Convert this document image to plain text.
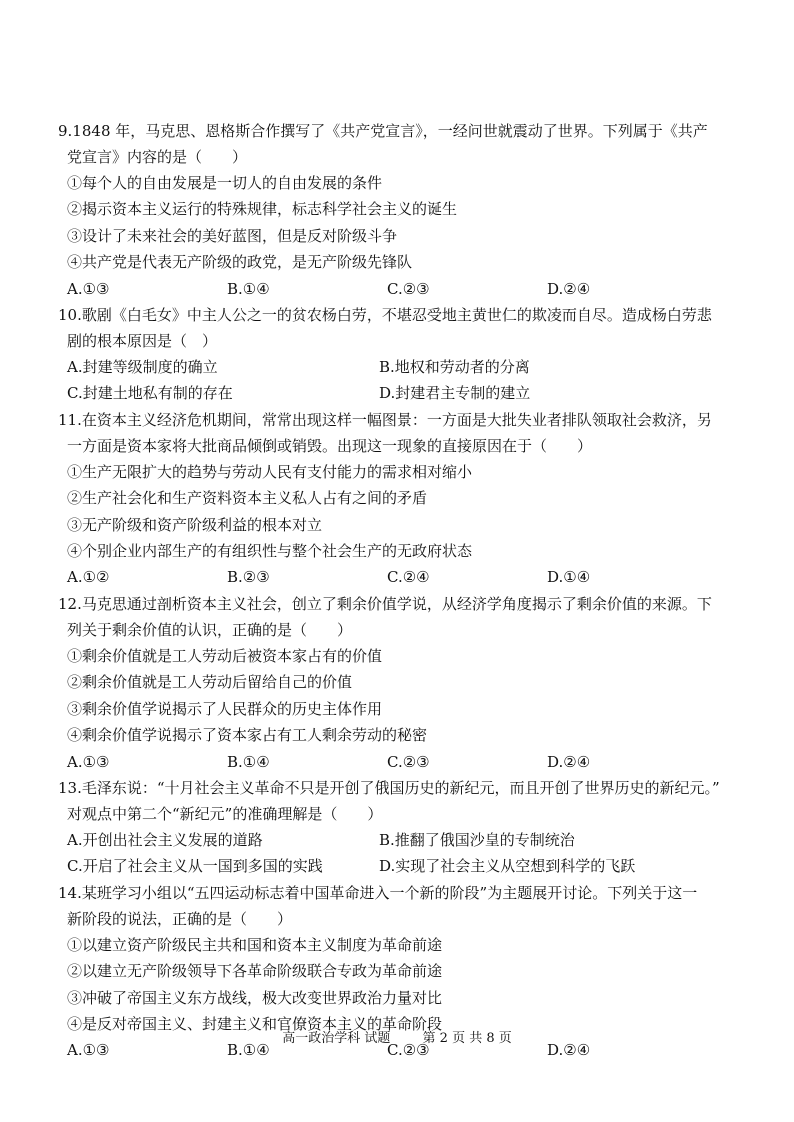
9.1848 年，马克思、恩格斯合作撰写了《共产党宣言》，一经问世就震动了世界。下列属于《共产

党宣言》内容的是（　　）

①每个人的自由发展是一切人的自由发展的条件

②揭示资本主义运行的特殊规律，标志科学社会主义的诞生

③设计了未来社会的美好蓝图，但是反对阶级斗争

④共产党是代表无产阶级的政党，是无产阶级先锋队

A.①③	B.①④	C.②③	D.②④

10.歌剧《白毛女》中主人公之一的贫农杨白劳，不堪忍受地主黄世仁的欺凌而自尽。造成杨白劳悲

剧的根本原因是（　）

A.封建等级制度的确立	B.地权和劳动者的分离
C.封建土地私有制的存在	D.封建君主专制的建立

11.在资本主义经济危机期间，常常出现这样一幅图景：一方面是大批失业者排队领取社会救济，另

一方面是资本家将大批商品倾倒或销毁。出现这一现象的直接原因在于（　　）

①生产无限扩大的趋势与劳动人民有支付能力的需求相对缩小

②生产社会化和生产资料资本主义私人占有之间的矛盾

③无产阶级和资产阶级利益的根本对立

④个别企业内部生产的有组织性与整个社会生产的无政府状态

A.①②	B.②③	C.②④	D.①④

12.马克思通过剖析资本主义社会，创立了剩余价值学说，从经济学角度揭示了剩余价值的来源。下

列关于剩余价值的认识，正确的是（　　）

①剩余价值就是工人劳动后被资本家占有的价值

②剩余价值就是工人劳动后留给自己的价值

③剩余价值学说揭示了人民群众的历史主体作用

④剩余价值学说揭示了资本家占有工人剩余劳动的秘密

A.①③	B.①④	C.②③	D.②④

13.毛泽东说：“十月社会主义革命不只是开创了俄国历史的新纪元，而且开创了世界历史的新纪元。”

对观点中第二个“新纪元”的准确理解是（　　）

A.开创出社会主义发展的道路	B.推翻了俄国沙皇的专制统治
C.开启了社会主义从一国到多国的实践	D.实现了社会主义从空想到科学的飞跃

14.某班学习小组以“五四运动标志着中国革命进入一个新的阶段”为主题展开讨论。下列关于这一

新阶段的说法，正确的是（　　）

①以建立资产阶级民主共和国和资本主义制度为革命前途

②以建立无产阶级领导下各革命阶级联合专政为革命前途

③冲破了帝国主义东方战线，极大改变世界政治力量对比

④是反对帝国主义、封建主义和官僚资本主义的革命阶段

A.①③	B.①④	C.②③	D.②④
高一政治学科 试题 第 2 页 共 8 页
